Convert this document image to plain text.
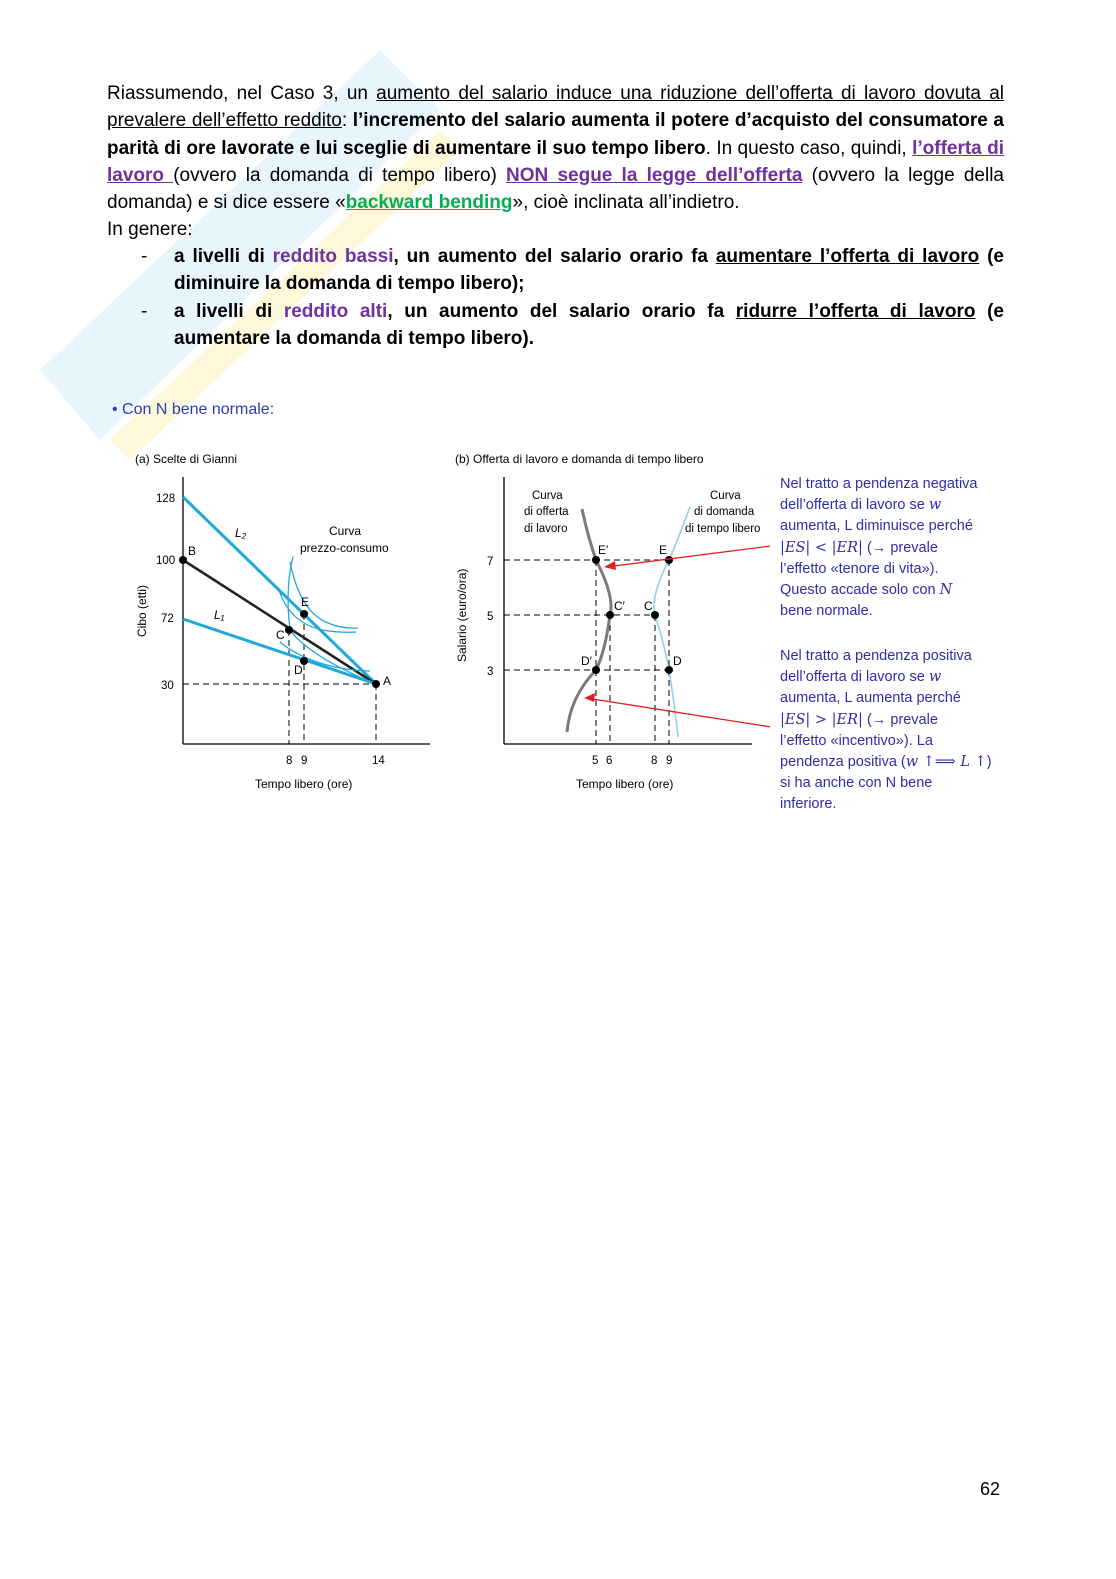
Riassumendo, nel Caso 3, un aumento del salario induce una riduzione dell’offerta di lavoro dovuta al prevalere dell’effetto reddito: l’incremento del salario aumenta il potere d’acquisto del consumatore a parità di ore lavorate e lui sceglie di aumentare il suo tempo libero. In questo caso, quindi, l’offerta di lavoro (ovvero la domanda di tempo libero) NON segue la legge dell’offerta (ovvero la legge della domanda) e si dice essere «backward bending», cioè inclinata all’indietro.
In genere:
- a livelli di reddito bassi, un aumento del salario orario fa aumentare l’offerta di lavoro (e diminuire la domanda di tempo libero);
- a livelli di reddito alti, un aumento del salario orario fa ridurre l’offerta di lavoro (e aumentare la domanda di tempo libero).
• Con N bene normale:
(a) Scelte di Gianni
Cibo (etti)
Tempo libero (ore)
128
100
72
30
8 9	14
L₂
L₁
Curva
prezzo-consumo
B
E
C
D
A
(b) Offerta di lavoro e domanda di tempo libero
Salario (euro/ora)
Tempo libero (ore)
7
5
3
5 6	8 9
Curva
di offerta
di lavoro
Curva
di domanda
di tempo libero
E′	E
C′ C
D′	D
Nel tratto a pendenza negativa
dell’offerta di lavoro se w
aumenta, L diminuisce perché
|ES| < |ER| (→ prevale
l’effetto «tenore di vita»).
Questo accade solo con N
bene normale.
Nel tratto a pendenza positiva
dell’offerta di lavoro se w
aumenta, L aumenta perché
|ES| > |ER| (→ prevale
l’effetto «incentivo»). La
pendenza positiva (w ↑⟹ L ↑)
si ha anche con N bene
inferiore.
62
